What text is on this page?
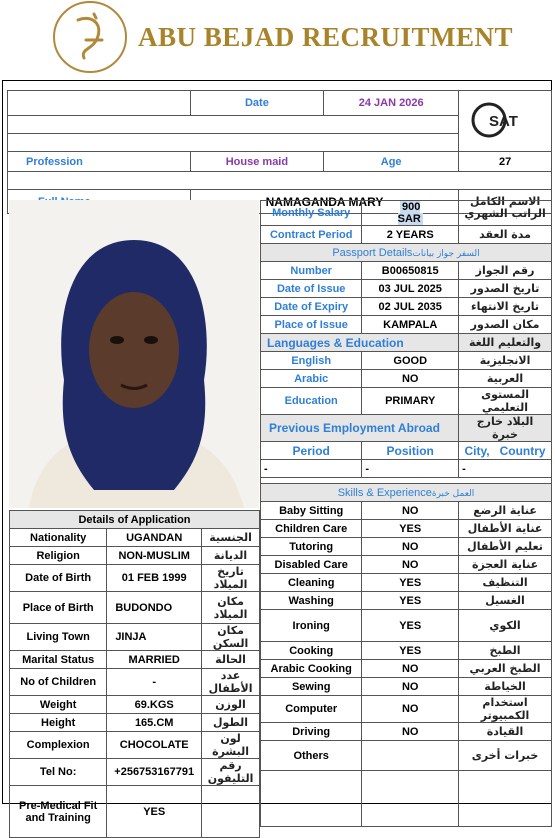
ABU BEJAD RECRUITMENT
	Date	24 JAN 2026	SAT

Profession	House maid	Age	27

	NAMAGANDA MARY		الاسم الكامل
Monthly Salary	900 SAR	الراتب الشهري
Contract Period	2 YEARS	مدة العقد
Passport Detailsالسفر جواز بيانات		
Number	B00650815	رقم الجواز
Date of Issue	03 JUL 2025	تاريخ الصدور
Date of Expiry	02 JUL 2035	تاريخ الانتهاء
Place of Issue	KAMPALA	مكان الصدور
Languages & Education		والتعليم اللغة
English	GOOD	الانجليزية
Arabic	NO	العربية
Education	PRIMARY	المستوى التعليمي
Previous Employment Abroad		البلاد خارج خبرة
Period	Position	City,   Country
-	-	-

Skills & Experienceالعمل خبرة		
Baby Sitting	NO	عناية الرضع
Children Care	YES	عناية الأطفال
Tutoring	NO	تعليم الأطفال
Disabled Care	NO	عناية العجزة
Cleaning	YES	التنظيف
Washing	YES	الغسيل
Ironing	YES	الكوي
Cooking	YES	الطبخ
Arabic Cooking	NO	الطبخ العربي
Sewing	NO	الخياطة
Computer	NO	استخدام الكمبيوتر
Driving	NO	القيادة
Others		خبرات أخرى

Details of Application		
Nationality	UGANDAN	الجنسية
Religion	NON-MUSLIM	الديانة
Date of Birth	01 FEB 1999	تاريخ الميلاد
Place of Birth	BUDONDO	مكان الميلاد
Living Town	JINJA	مكان السكن
Marital Status	MARRIED	الحالة
No of Children	-	عدد الأطفال
Weight	69.KGS	الوزن
Height	165.CM	الطول
Complexion	CHOCOLATE	لون البشرة
Tel No:	+256753167791	رقم التليفون
Pre-Medical Fit and Training	YES	
